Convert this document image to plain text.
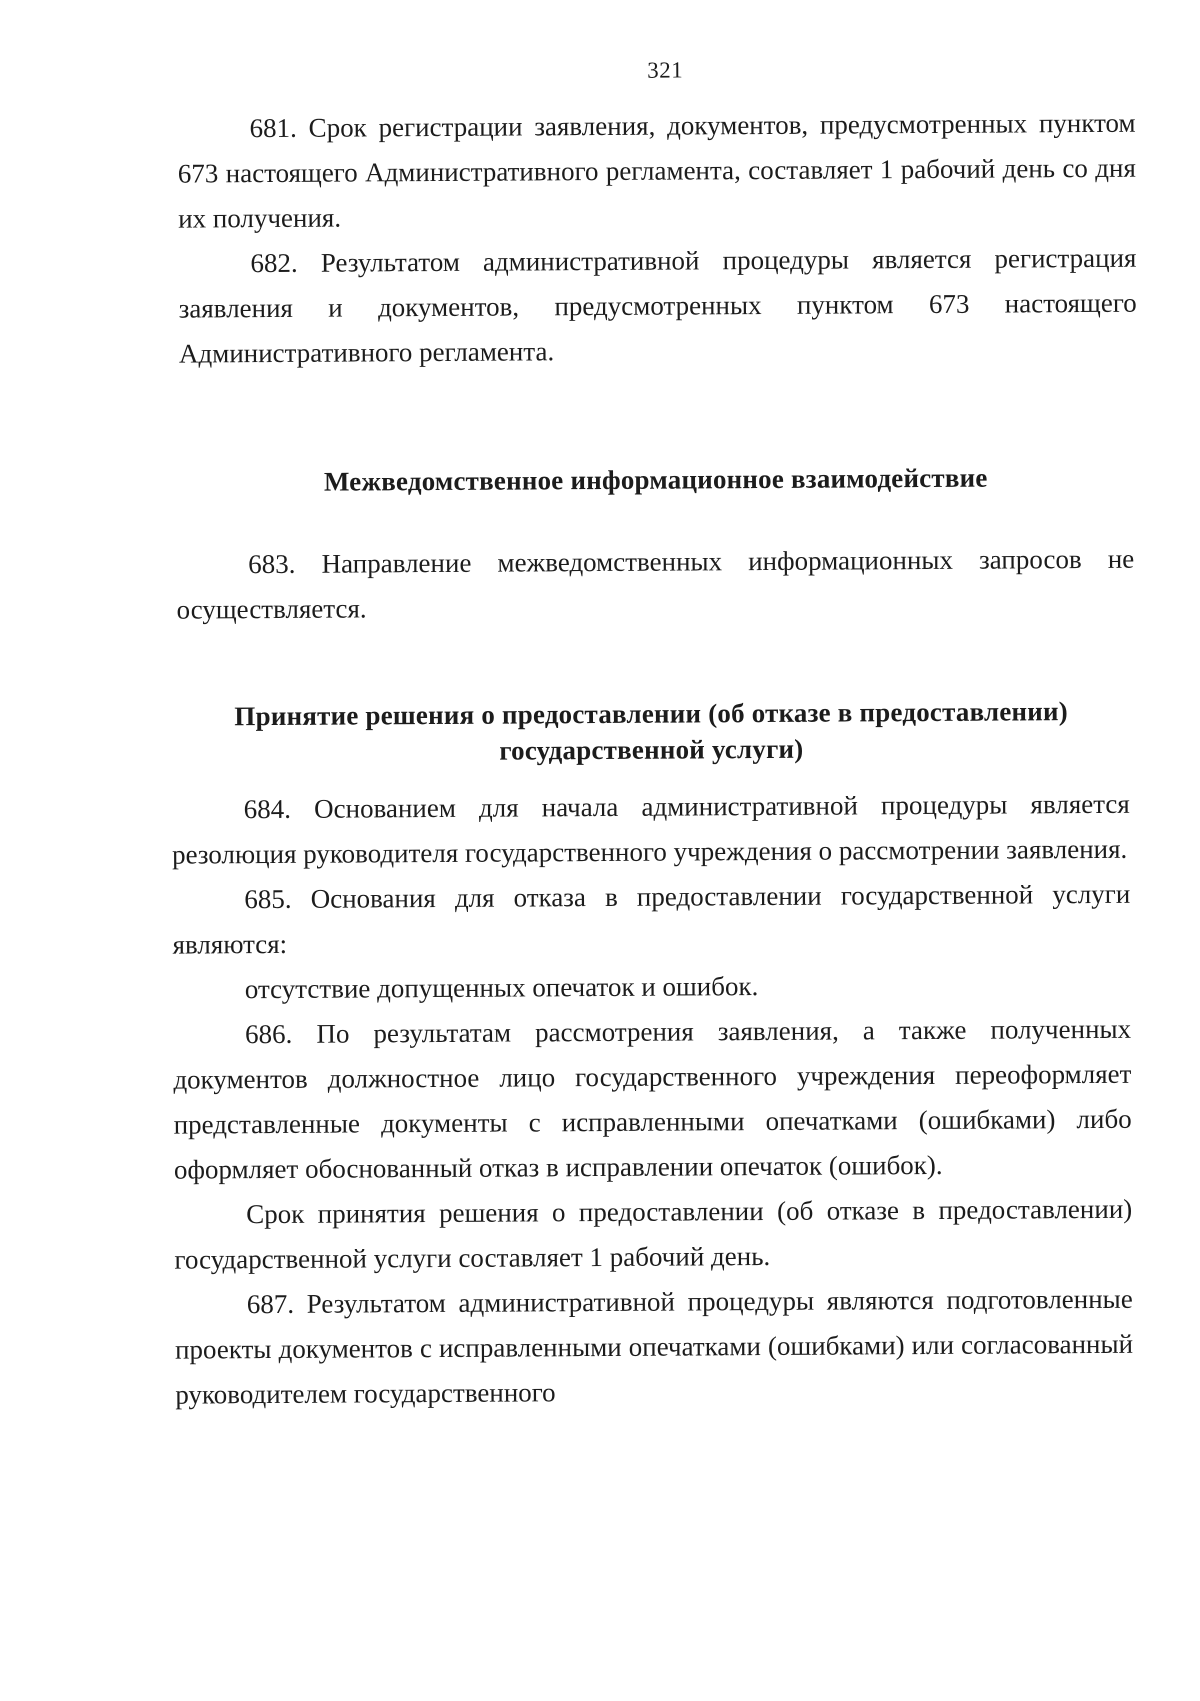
321

681. Срок регистрации заявления, документов, предусмотренных пунктом 673 настоящего Административного регламента, составляет 1 рабочий день со дня их получения.

682. Результатом административной процедуры является регистрация заявления и документов, предусмотренных пунктом 673 настоящего Административного регламента.

Межведомственное информационное взаимодействие

683. Направление межведомственных информационных запросов не осуществляется.

Принятие решения о предоставлении (об отказе в предоставлении)
государственной услуги)

684. Основанием для начала административной процедуры является резолюция руководителя государственного учреждения о рассмотрении заявления.

685. Основания для отказа в предоставлении государственной услуги являются:

отсутствие допущенных опечаток и ошибок.

686. По результатам рассмотрения заявления, а также полученных документов должностное лицо государственного учреждения переоформляет представленные документы с исправленными опечатками (ошибками) либо оформляет обоснованный отказ в исправлении опечаток (ошибок).

Срок принятия решения о предоставлении (об отказе в предоставлении) государственной услуги составляет 1 рабочий день.

687. Результатом административной процедуры являются подготовленные проекты документов с исправленными опечатками (ошибками) или согласованный руководителем государственного
